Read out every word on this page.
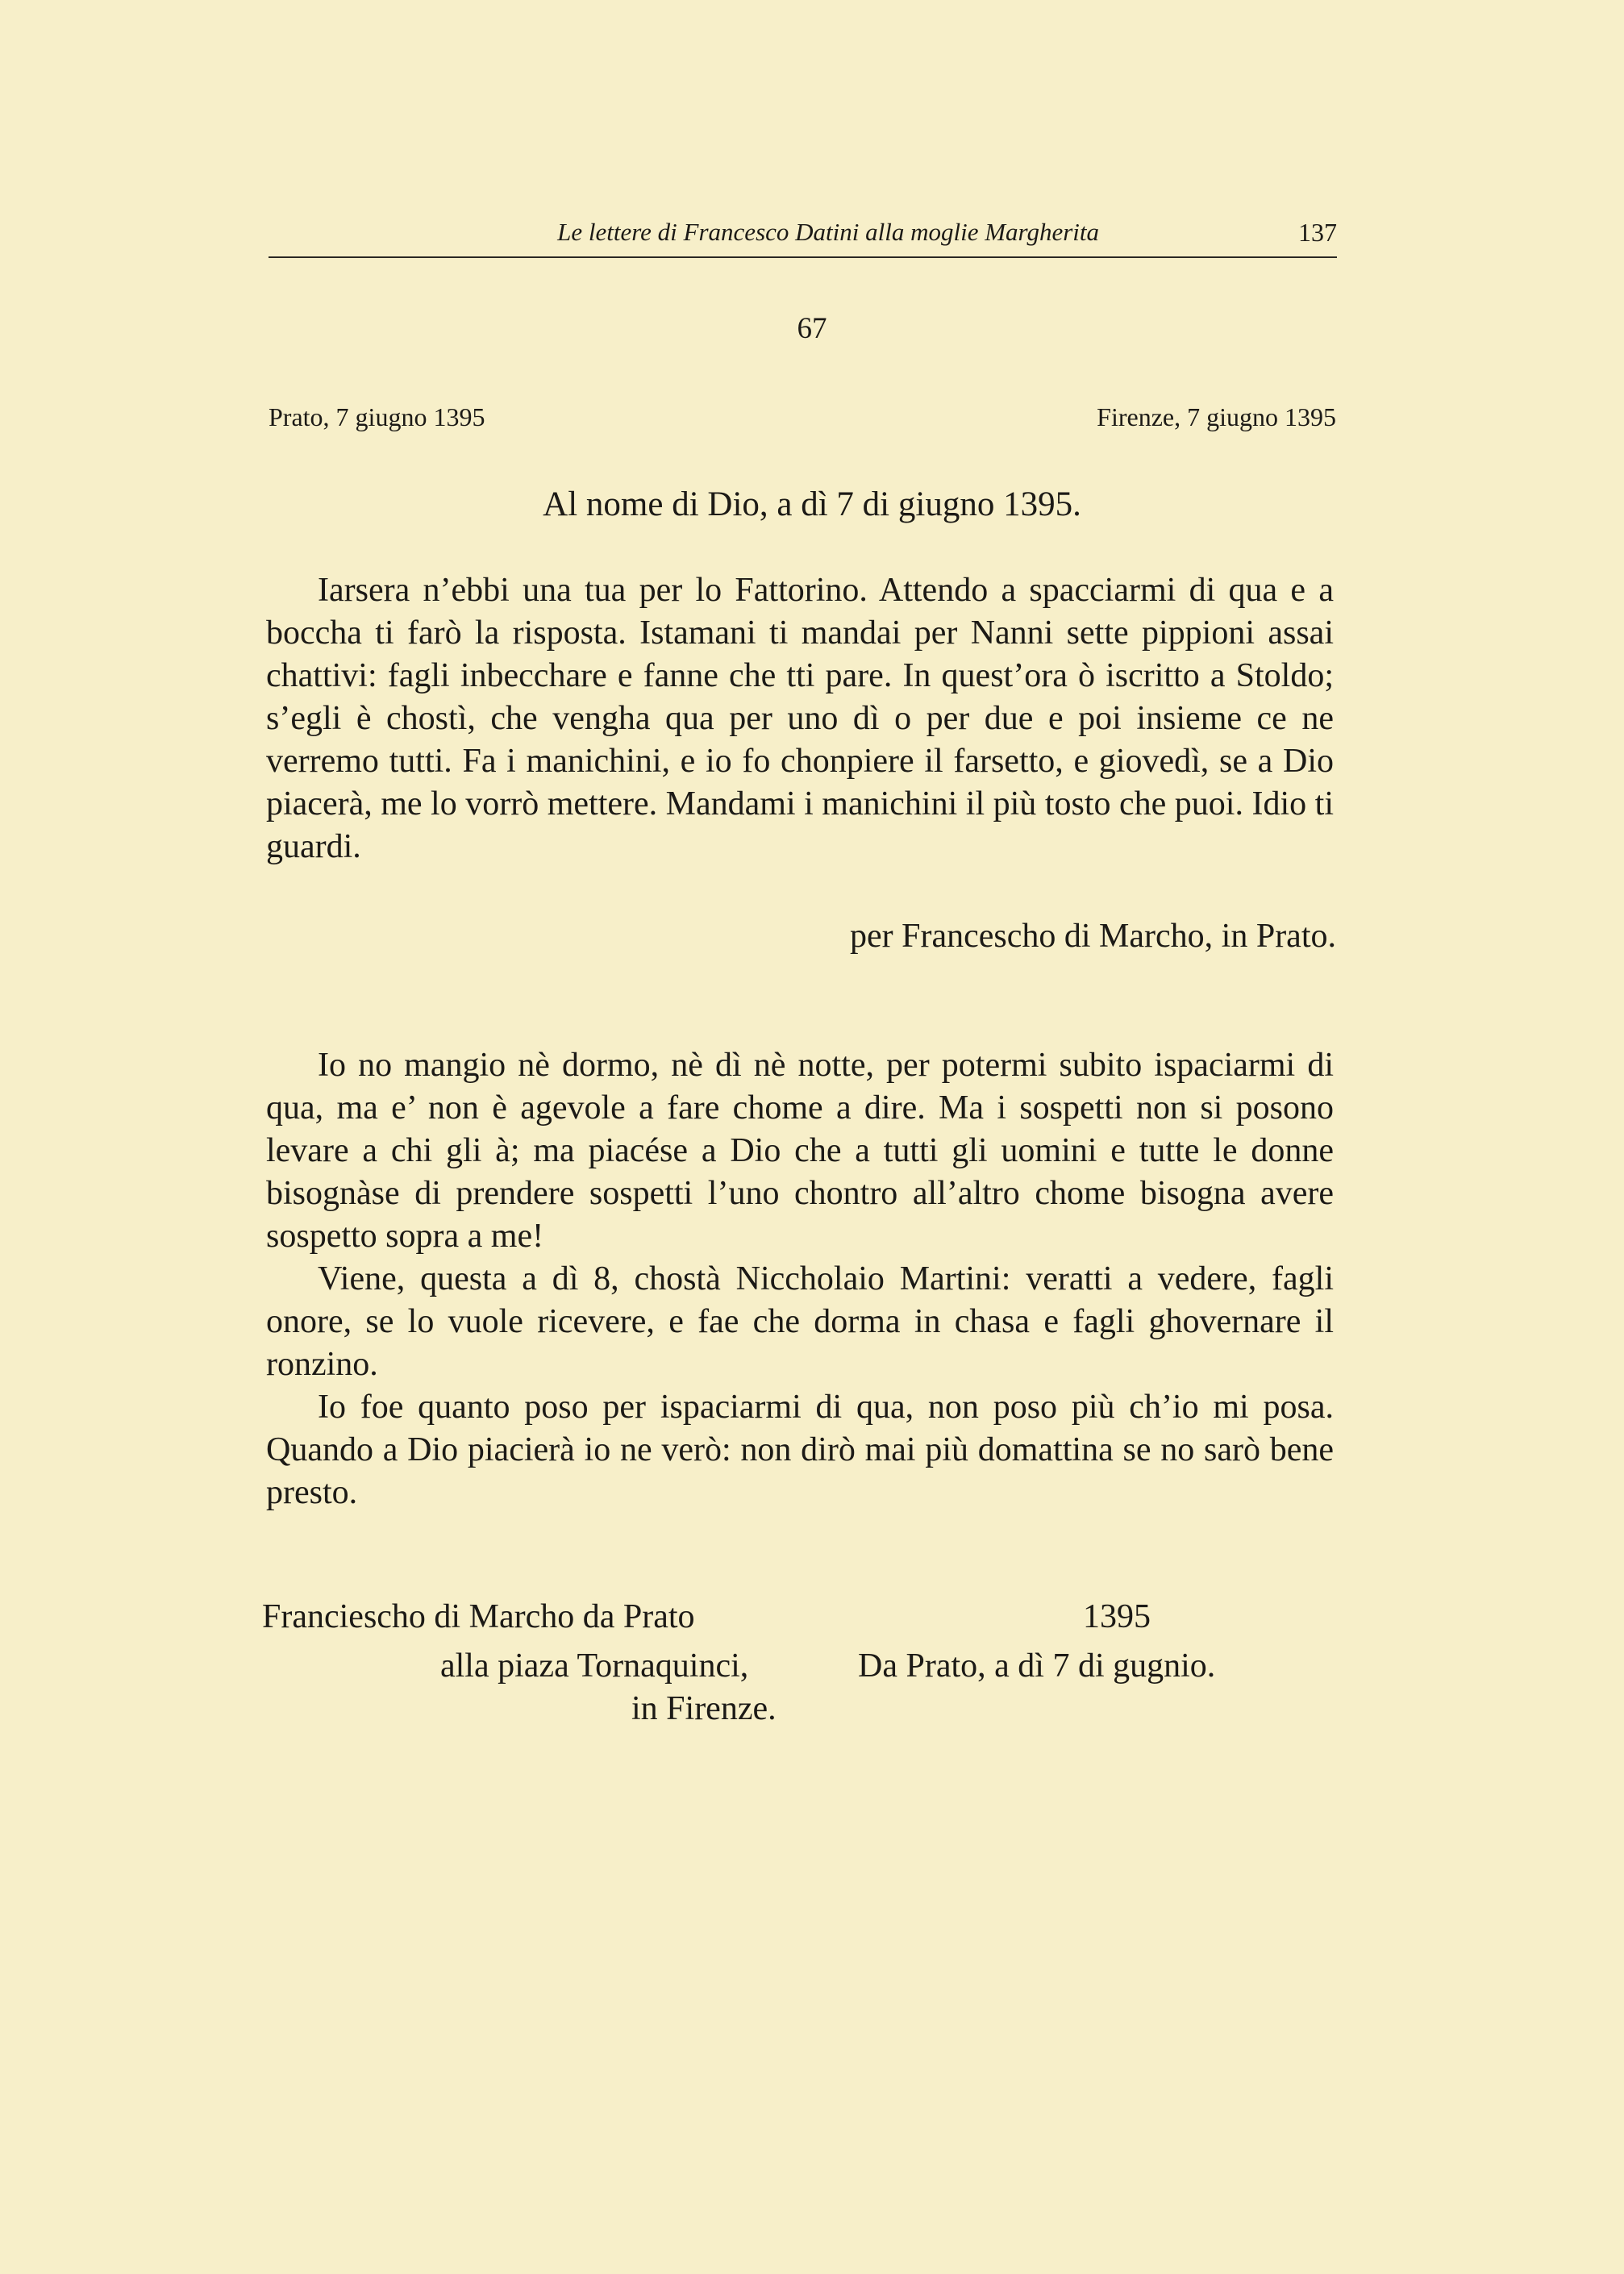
Le lettere di Francesco Datini alla moglie Margherita	137
67
Prato, 7 giugno 1395	Firenze, 7 giugno 1395
Al nome di Dio, a dì 7 di giugno 1395.

Iarsera n’ebbi una tua per lo Fattorino. Attendo a spacciarmi di qua e a boccha ti farò la risposta. Istamani ti mandai per Nanni sette pippioni assai chattivi: fagli inbecchare e fanne che tti pare. In quest’ora ò iscritto a Stoldo; s’egli è chostì, che vengha qua per uno dì o per due e poi insieme ce ne verremo tutti. Fa i manichini, e io fo chonpiere il farsetto, e giovedì, se a Dio piacerà, me lo vorrò mettere. Mandami i manichini il più tosto che puoi. Idio ti guardi.

per Francescho di Marcho, in Prato.

Io no mangio nè dormo, nè dì nè notte, per potermi subito ispaciarmi di qua, ma e’ non è agevole a fare chome a dire. Ma i sospetti non si posono levare a chi gli à; ma piacése a Dio che a tutti gli uomini e tutte le donne bisognàse di prendere sospetti l’uno chontro all’altro chome bisogna avere sospetto sopra a me!

Viene, questa a dì 8, chostà Niccholaio Martini: veratti a vedere, fagli onore, se lo vuole ricevere, e fae che dorma in chasa e fagli ghovernare il ronzino.

Io foe quanto poso per ispaciarmi di qua, non poso più ch’io mi posa. Quando a Dio piacierà io ne verò: non dirò mai più domattina se no sarò bene presto.

Franciescho di Marcho da Prato
alla piaza Tornaquinci,
in Firenze.
1395
Da Prato, a dì 7 di gugnio.
